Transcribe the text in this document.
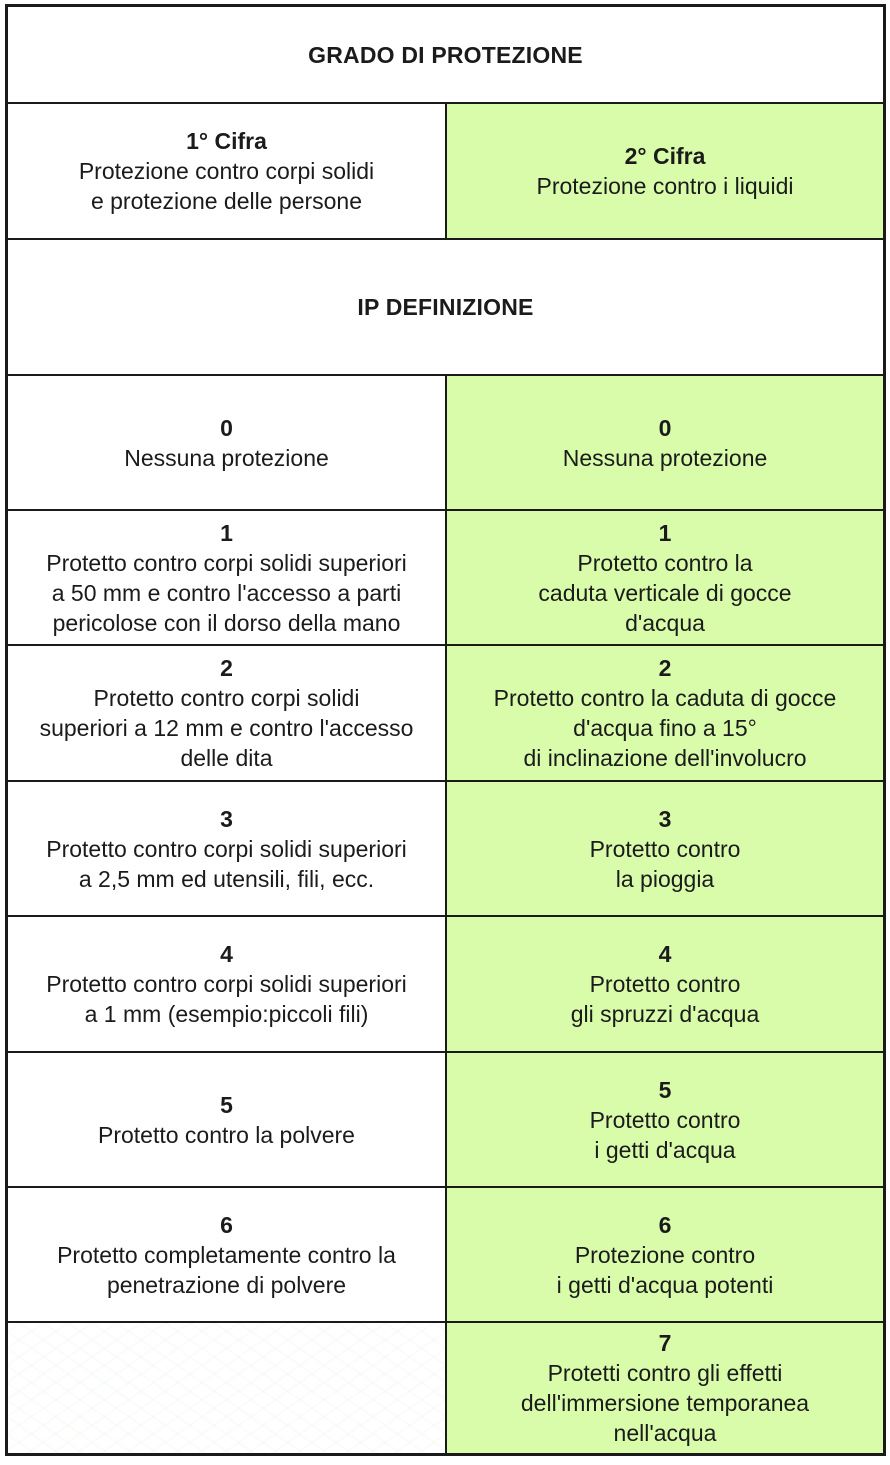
GRADO DI PROTEZIONE
1° Cifra
Protezione contro corpi solidi
e protezione delle persone
2° Cifra
Protezione contro i liquidi
IP DEFINIZIONE
0
Nessuna protezione
0
Nessuna protezione
1
Protetto contro corpi solidi superiori
a 50 mm e contro l'accesso a parti
pericolose con il dorso della mano
1
Protetto contro la
caduta verticale di gocce
d'acqua
2
Protetto contro corpi solidi
superiori a 12 mm e contro l'accesso
delle dita
2
Protetto contro la caduta di gocce
d'acqua fino a 15°
di inclinazione dell'involucro
3
Protetto contro corpi solidi superiori
a 2,5 mm ed utensili, fili, ecc.
3
Protetto contro
la pioggia
4
Protetto contro corpi solidi superiori
a 1 mm (esempio:piccoli fili)
4
Protetto contro
gli spruzzi d'acqua
5
Protetto contro la polvere
5
Protetto contro
i getti d'acqua
6
Protetto completamente contro la
penetrazione di polvere
6
Protezione contro
i getti d'acqua potenti
7
Protetti contro gli effetti
dell'immersione temporanea
nell'acqua
